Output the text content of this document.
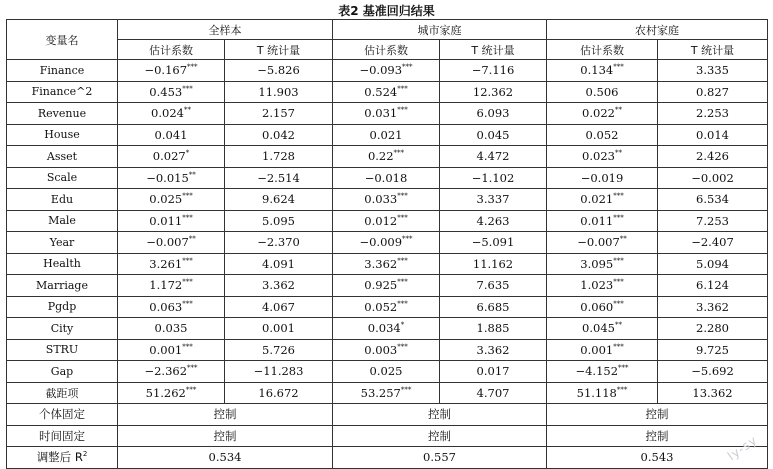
表2 基准回归结果
变量名	全样本		城市家庭		农村家庭	
	估计系数	T 统计量	估计系数	T 统计量	估计系数	T 统计量
Finance	−0.167***	−5.826	−0.093***	−7.116	0.134***	3.335
Finance^2	0.453***	11.903	0.524***	12.362	0.506	0.827
Revenue	0.024**	2.157	0.031***	6.093	0.022**	2.253
House	0.041	0.042	0.021	0.045	0.052	0.014
Asset	0.027*	1.728	0.22***	4.472	0.023**	2.426
Scale	−0.015**	−2.514	−0.018	−1.102	−0.019	−0.002
Edu	0.025***	9.624	0.033***	3.337	0.021***	6.534
Male	0.011***	5.095	0.012***	4.263	0.011***	7.253
Year	−0.007**	−2.370	−0.009***	−5.091	−0.007**	−2.407
Health	3.261***	4.091	3.362***	11.162	3.095***	5.094
Marriage	1.172***	3.362	0.925***	7.635	1.023***	6.124
Pgdp	0.063***	4.067	0.052***	6.685	0.060***	3.362
City	0.035	0.001	0.034*	1.885	0.045**	2.280
STRU	0.001***	5.726	0.003***	3.362	0.001***	9.725
Gap	−2.362***	−11.283	0.025	0.017	−4.152***	−5.692
截距项	51.262***	16.672	53.257***	4.707	51.118***	13.362
个体固定	控制		控制		控制	
时间固定	控制		控制		控制	
调整后 $R^2$	0.534		0.557		0.543		ly-sy
